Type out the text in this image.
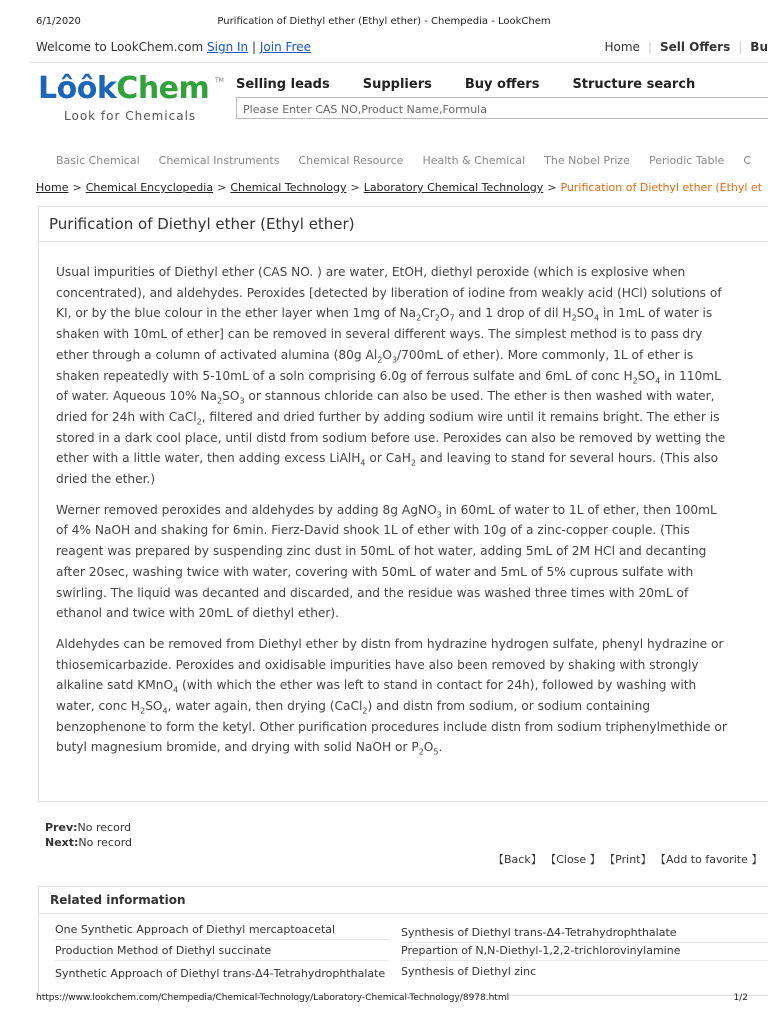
6/1/2020	Purification of Diethyl ether (Ethyl ether) - Chempedia - LookChem
Welcome to LookChem.com Sign In | Join Free	Home | Sell Offers | Bu
LôôkChem TM
Look for Chemicals
Selling leads	Suppliers	Buy offers	Structure search
Please Enter CAS NO,Product Name,Formula
Basic Chemical Chemical Instruments Chemical Resource Health & Chemical The Nobel Prize Periodic Table C
Home > Chemical Encyclopedia > Chemical Technology > Laboratory Chemical Technology > Purification of Diethyl ether (Ethyl et
Purification of Diethyl ether (Ethyl ether)

Usual impurities of Diethyl ether (CAS NO. ) are water, EtOH, diethyl peroxide (which is explosive when concentrated), and aldehydes. Peroxides [detected by liberation of iodine from weakly acid (HCl) solutions of KI, or by the blue colour in the ether layer when 1mg of $Na_2Cr_2O_7$ and 1 drop of dil $H_2SO_4$ in 1mL of water is shaken with 10mL of ether] can be removed in several different ways. The simplest method is to pass dry ether through a column of activated alumina (80g $Al_2O_3/700mL$ of ether). More commonly, 1L of ether is shaken repeatedly with 5-10mL of a soln comprising 6.0g of ferrous sulfate and 6mL of conc $H_2SO_4$ in 110mL of water. Aqueous 10% $Na_2SO_3$ or stannous chloride can also be used. The ether is then washed with water, dried for 24h with CaCl$_2$, filtered and dried further by adding sodium wire until it remains bright. The ether is stored in a dark cool place, until distd from sodium before use. Peroxides can also be removed by wetting the ether with a little water, then adding excess LiAlH$_4$ or CaH$_2$ and leaving to stand for several hours. (This also dried the ether.)

Werner removed peroxides and aldehydes by adding 8g AgNO$_3$ in 60mL of water to 1L of ether, then 100mL of 4% NaOH and shaking for 6min. Fierz-David shook 1L of ether with 10g of a zinc-copper couple. (This reagent was prepared by suspending zinc dust in 50mL of hot water, adding 5mL of 2M HCl and decanting after 20sec, washing twice with water, covering with 50mL of water and 5mL of 5% cuprous sulfate with swirling. The liquid was decanted and discarded, and the residue was washed three times with 20mL of ethanol and twice with 20mL of diethyl ether).

Aldehydes can be removed from Diethyl ether by distn from hydrazine hydrogen sulfate, phenyl hydrazine or thiosemicarbazide. Peroxides and oxidisable impurities have also been removed by shaking with strongly alkaline satd KMnO$_4$ (with which the ether was left to stand in contact for 24h), followed by washing with water, conc $H_2SO_4$, water again, then drying (CaCl$_2$) and distn from sodium, or sodium containing benzophenone to form the ketyl. Other purification procedures include distn from sodium triphenylmethide or butyl magnesium bromide, and drying with solid NaOH or $P_2O_5$.

Prev:No record
Next:No record
【Back】 【Close 】 【Print】 【Add to favorite 】
Related information
One Synthetic Approach of Diethyl mercaptoacetal
Production Method of Diethyl succinate
Synthetic Approach of Diethyl trans-Δ4-Tetrahydrophthalate
Synthesis of Diethyl trans-Δ4-Tetrahydrophthalate
Prepartion of N,N-Diethyl-1,2,2-trichlorovinylamine
Synthesis of Diethyl zinc
https://www.lookchem.com/Chempedia/Chemical-Technology/Laboratory-Chemical-Technology/8978.html	1/2
